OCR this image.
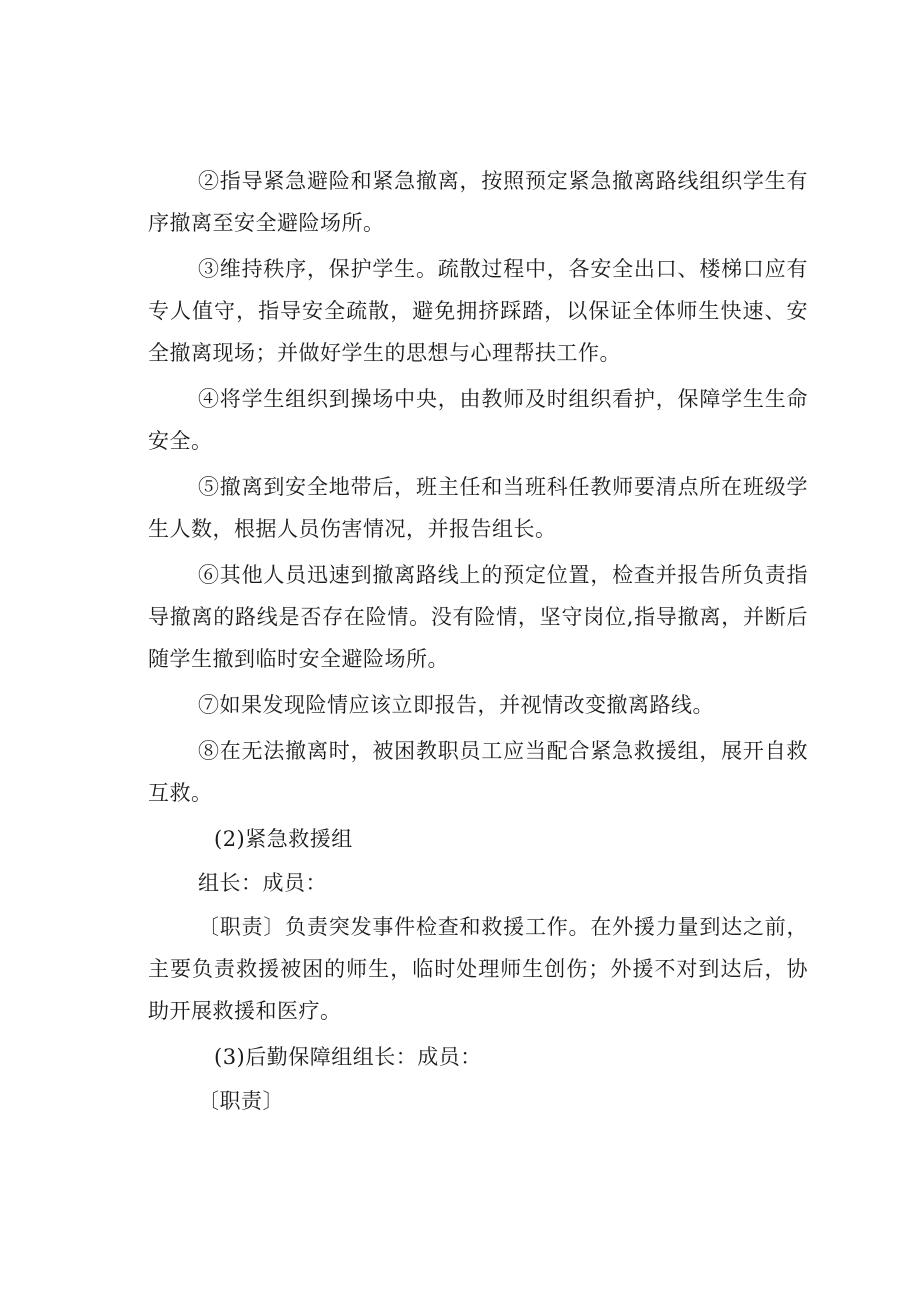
②指导紧急避险和紧急撤离，按照预定紧急撤离路线组织学生有序撤离至安全避险场所。

③维持秩序，保护学生。疏散过程中，各安全出口、楼梯口应有专人值守，指导安全疏散，避免拥挤踩踏，以保证全体师生快速、安全撤离现场；并做好学生的思想与心理帮扶工作。

④将学生组织到操场中央，由教师及时组织看护，保障学生生命安全。

⑤撤离到安全地带后，班主任和当班科任教师要清点所在班级学生人数，根据人员伤害情况，并报告组长。

⑥其他人员迅速到撤离路线上的预定位置，检查并报告所负责指导撤离的路线是否存在险情。没有险情，坚守岗位,指导撤离，并断后随学生撤到临时安全避险场所。

⑦如果发现险情应该立即报告，并视情改变撤离路线。

⑧在无法撤离时，被困教职员工应当配合紧急救援组，展开自救互救。

(2)紧急救援组
组长：成员：

〔职责〕负责突发事件检查和救援工作。在外援力量到达之前，主要负责救援被困的师生，临时处理师生创伤；外援不对到达后，协助开展救援和医疗。

(3)后勤保障组组长：成员：
〔职责〕
